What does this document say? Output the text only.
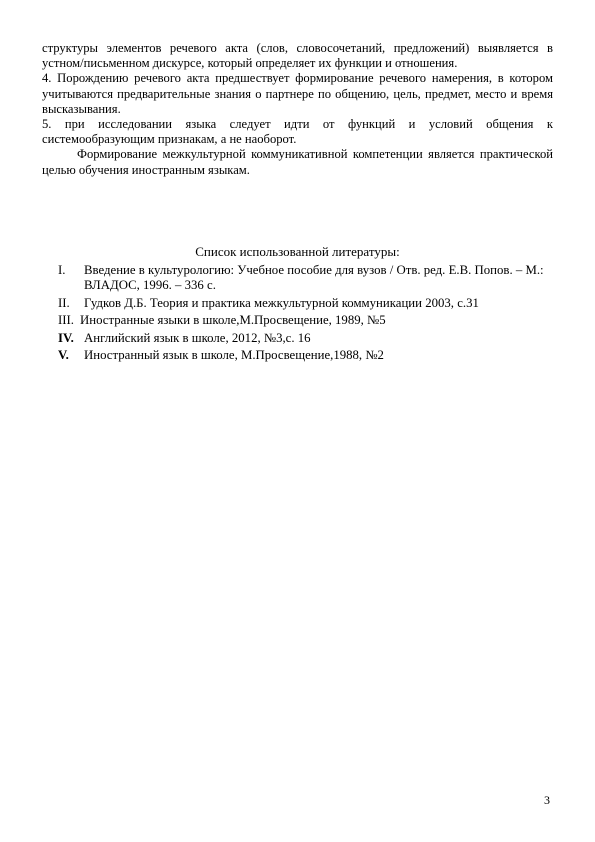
структуры элементов речевого акта (слов, словосочетаний, предложений) выявляется в устном/письменном дискурсе, который определяет их функции и отношения.

4. Порождению речевого акта предшествует формирование речевого намерения, в котором учитываются предварительные знания о партнере по общению, цель, предмет, место и время высказывания.

5. при исследовании языка следует идти от функций и условий общения к системообразующим признакам, а не наоборот.

Формирование межкультурной коммуникативной компетенции является практической целью обучения иностранным языкам.

Список использованной литературы:
I. Введение в культурологию: Учебное пособие для вузов / Отв. ред. Е.В. Попов. – М.: ВЛАДОС, 1996. – 336 с.
II. Гудков Д.Б. Теория и практика межкультурной коммуникации 2003, с.31
III. Иностранные языки в школе,М.Просвещение, 1989, №5
IV. Английский язык в школе, 2012, №3,с. 16
V. Иностранный язык в школе, М.Просвещение,1988, №2
3
